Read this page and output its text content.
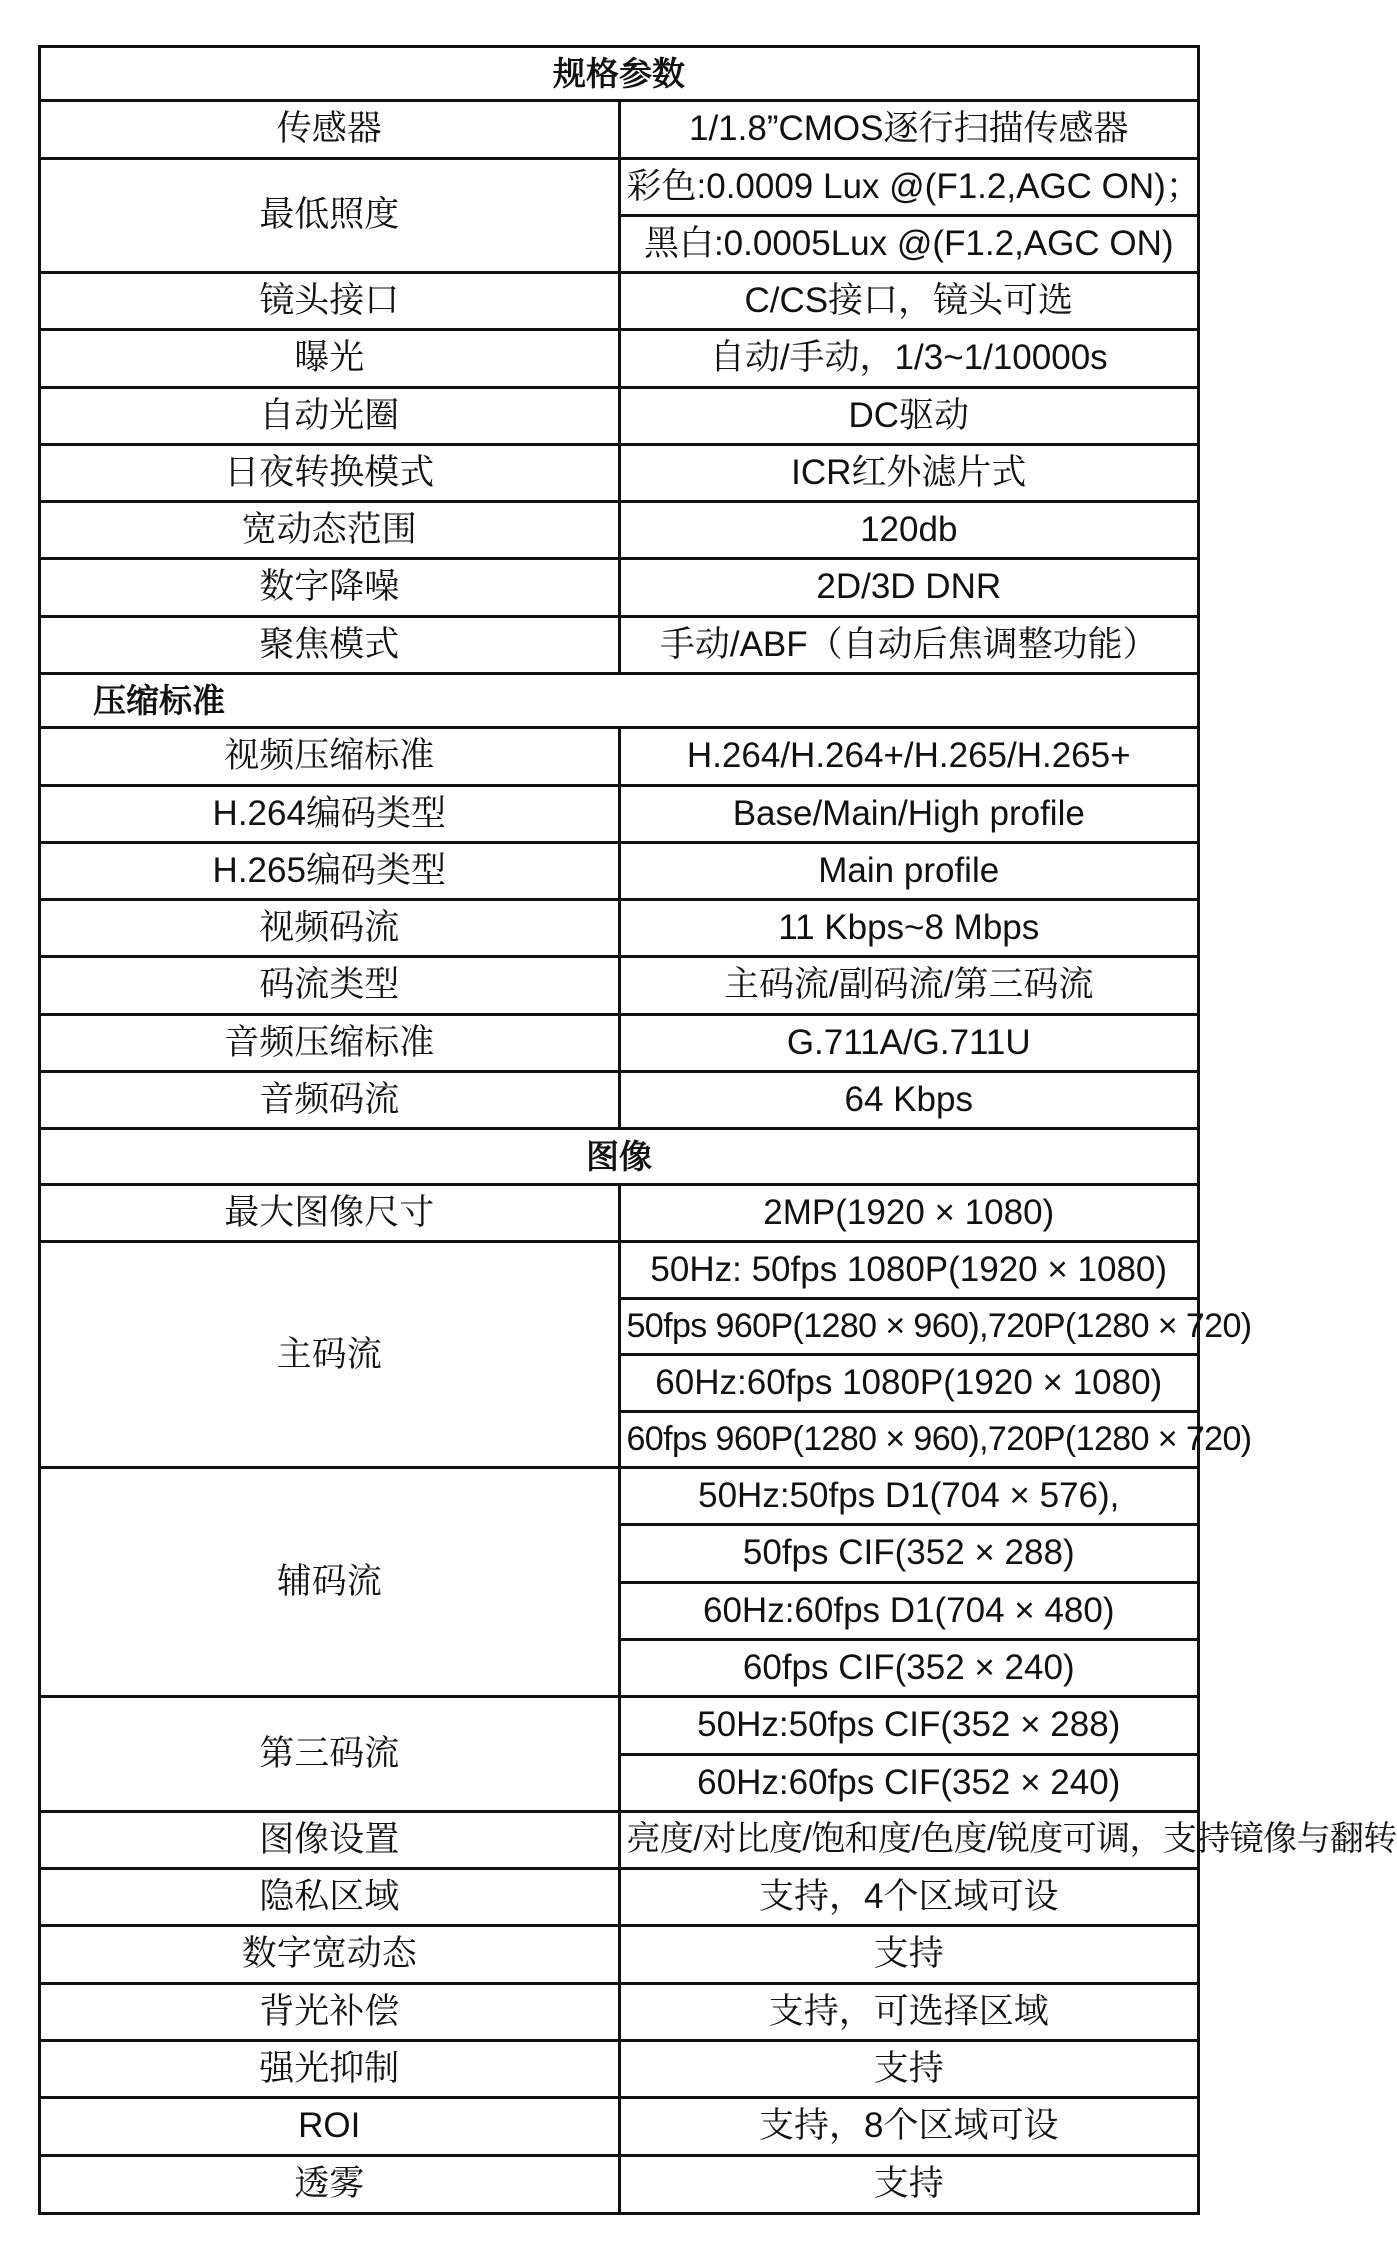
规格参数	
传感器	1/1.8”CMOS逐行扫描传感器
最低照度	彩色:0.0009 Lux @(F1.2,AGC ON)；
	黑白:0.0005Lux @(F1.2,AGC ON)
镜头接口	C/CS接口，镜头可选
曝光	自动/手动，1/3~1/10000s
自动光圈	DC驱动
日夜转换模式	ICR红外滤片式
宽动态范围	120db
数字降噪	2D/3D DNR
聚焦模式	手动/ABF（自动后焦调整功能）
压缩标准	
视频压缩标准	H.264/H.264+/H.265/H.265+
H.264编码类型	Base/Main/High profile
H.265编码类型	Main profile
视频码流	11 Kbps~8 Mbps
码流类型	主码流/副码流/第三码流
音频压缩标准	G.711A/G.711U
音频码流	64 Kbps
图像	
最大图像尺寸	2MP(1920 × 1080)
主码流	50Hz: 50fps 1080P(1920 × 1080)
	50fps 960P(1280 × 960),720P(1280 × 720)
	60Hz:60fps 1080P(1920 × 1080)
	60fps 960P(1280 × 960),720P(1280 × 720)
辅码流	50Hz:50fps D1(704 × 576),
	50fps CIF(352 × 288)
	60Hz:60fps D1(704 × 480)
	60fps CIF(352 × 240)
第三码流	50Hz:50fps CIF(352 × 288)
	60Hz:60fps CIF(352 × 240)
图像设置	亮度/对比度/饱和度/色度/锐度可调，支持镜像与翻转
隐私区域	支持，4个区域可设
数字宽动态	支持
背光补偿	支持，可选择区域
强光抑制	支持
ROI	支持，8个区域可设
透雾	支持
